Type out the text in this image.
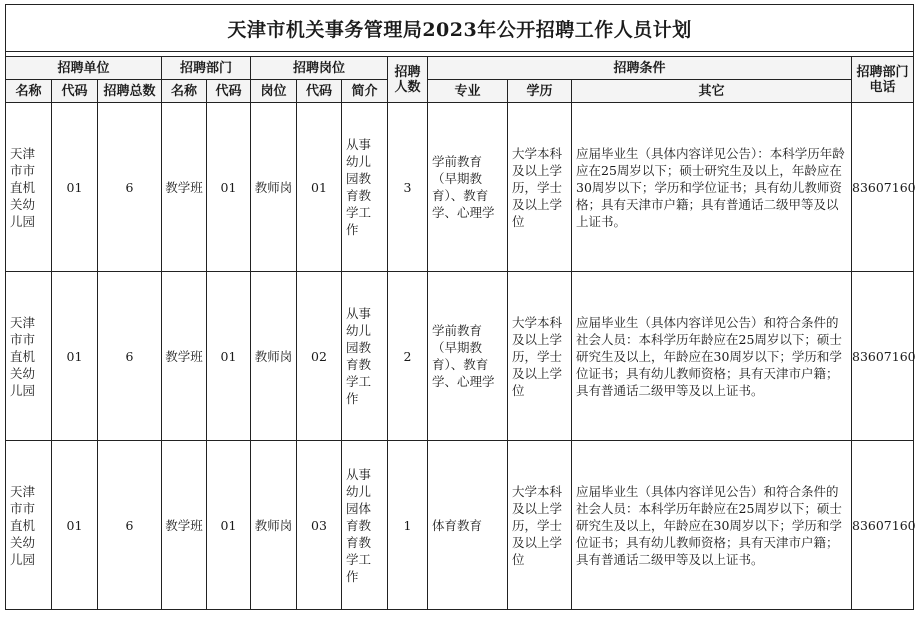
天津市机关事务管理局2023年公开招聘工作人员计划												

招聘单位			招聘部门		招聘岗位			招聘人数	招聘条件			招聘部门电话
名称	代码	招聘总数	名称	代码	岗位	代码	简介		专业	学历	其它	
天津市市直机关幼儿园	01	6	教学班	01	教师岗	01	从事幼儿园教育教学工作	3	学前教育（早期教育）、教育学、心理学	大学本科及以上学历，学士及以上学位	应届毕业生（具体内容详见公告）：本科学历年龄应在25周岁以下；硕士研究生及以上，年龄应在30周岁以下；学历和学位证书；具有幼儿教师资格；具有天津市户籍；具有普通话二级甲等及以上证书。	83607160
天津市市直机关幼儿园	01	6	教学班	01	教师岗	02	从事幼儿园教育教学工作	2	学前教育（早期教育）、教育学、心理学	大学本科及以上学历，学士及以上学位	应届毕业生（具体内容详见公告）和符合条件的社会人员：本科学历年龄应在25周岁以下；硕士研究生及以上，年龄应在30周岁以下；学历和学位证书；具有幼儿教师资格；具有天津市户籍；具有普通话二级甲等及以上证书。	83607160
天津市市直机关幼儿园	01	6	教学班	01	教师岗	03	从事幼儿园体育教育教学工作	1	体育教育	大学本科及以上学历，学士及以上学位	应届毕业生（具体内容详见公告）和符合条件的社会人员：本科学历年龄应在25周岁以下；硕士研究生及以上，年龄应在30周岁以下；学历和学位证书；具有幼儿教师资格；具有天津市户籍；具有普通话二级甲等及以上证书。	83607160
